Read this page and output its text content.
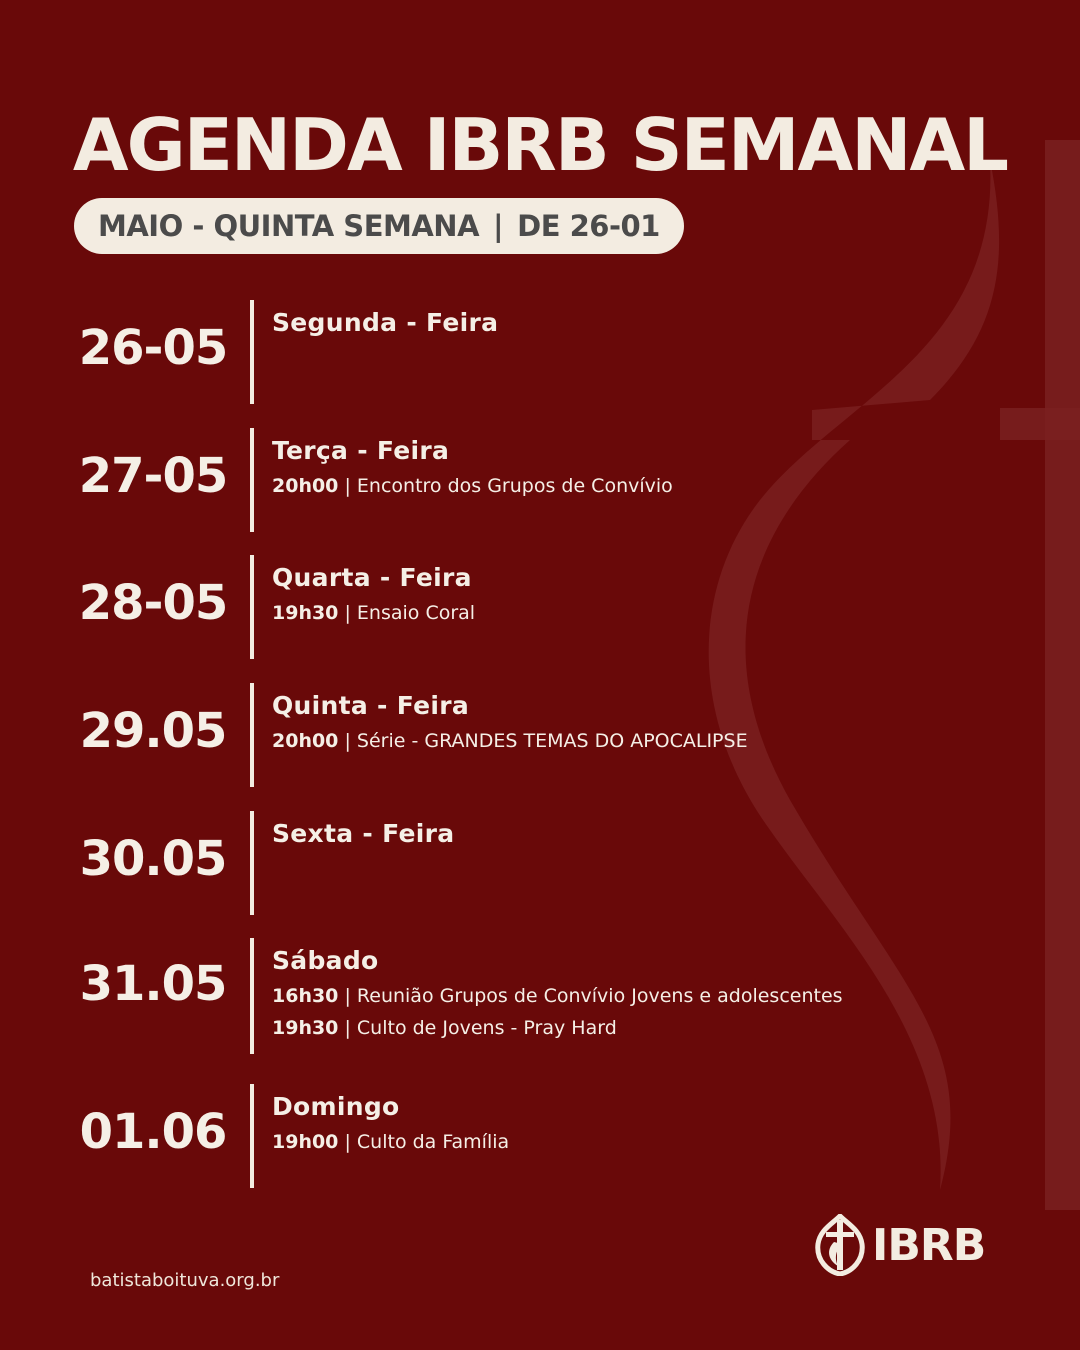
AGENDA IBRB SEMANAL
MAIO - QUINTA SEMANA | DE 26-01
26-05	Segunda - Feira
27-05	Terça - Feira
20h00 | Encontro dos Grupos de Convívio
28-05	Quarta - Feira
19h30 | Ensaio Coral
29.05	Quinta - Feira
20h00 | Série - GRANDES TEMAS DO APOCALIPSE
30.05	Sexta - Feira
31.05	Sábado
16h30 | Reunião Grupos de Convívio Jovens e adolescentes
19h30 | Culto de Jovens - Pray Hard
01.06	Domingo
19h00 | Culto da Família
batistaboituva.org.br
IBRB
